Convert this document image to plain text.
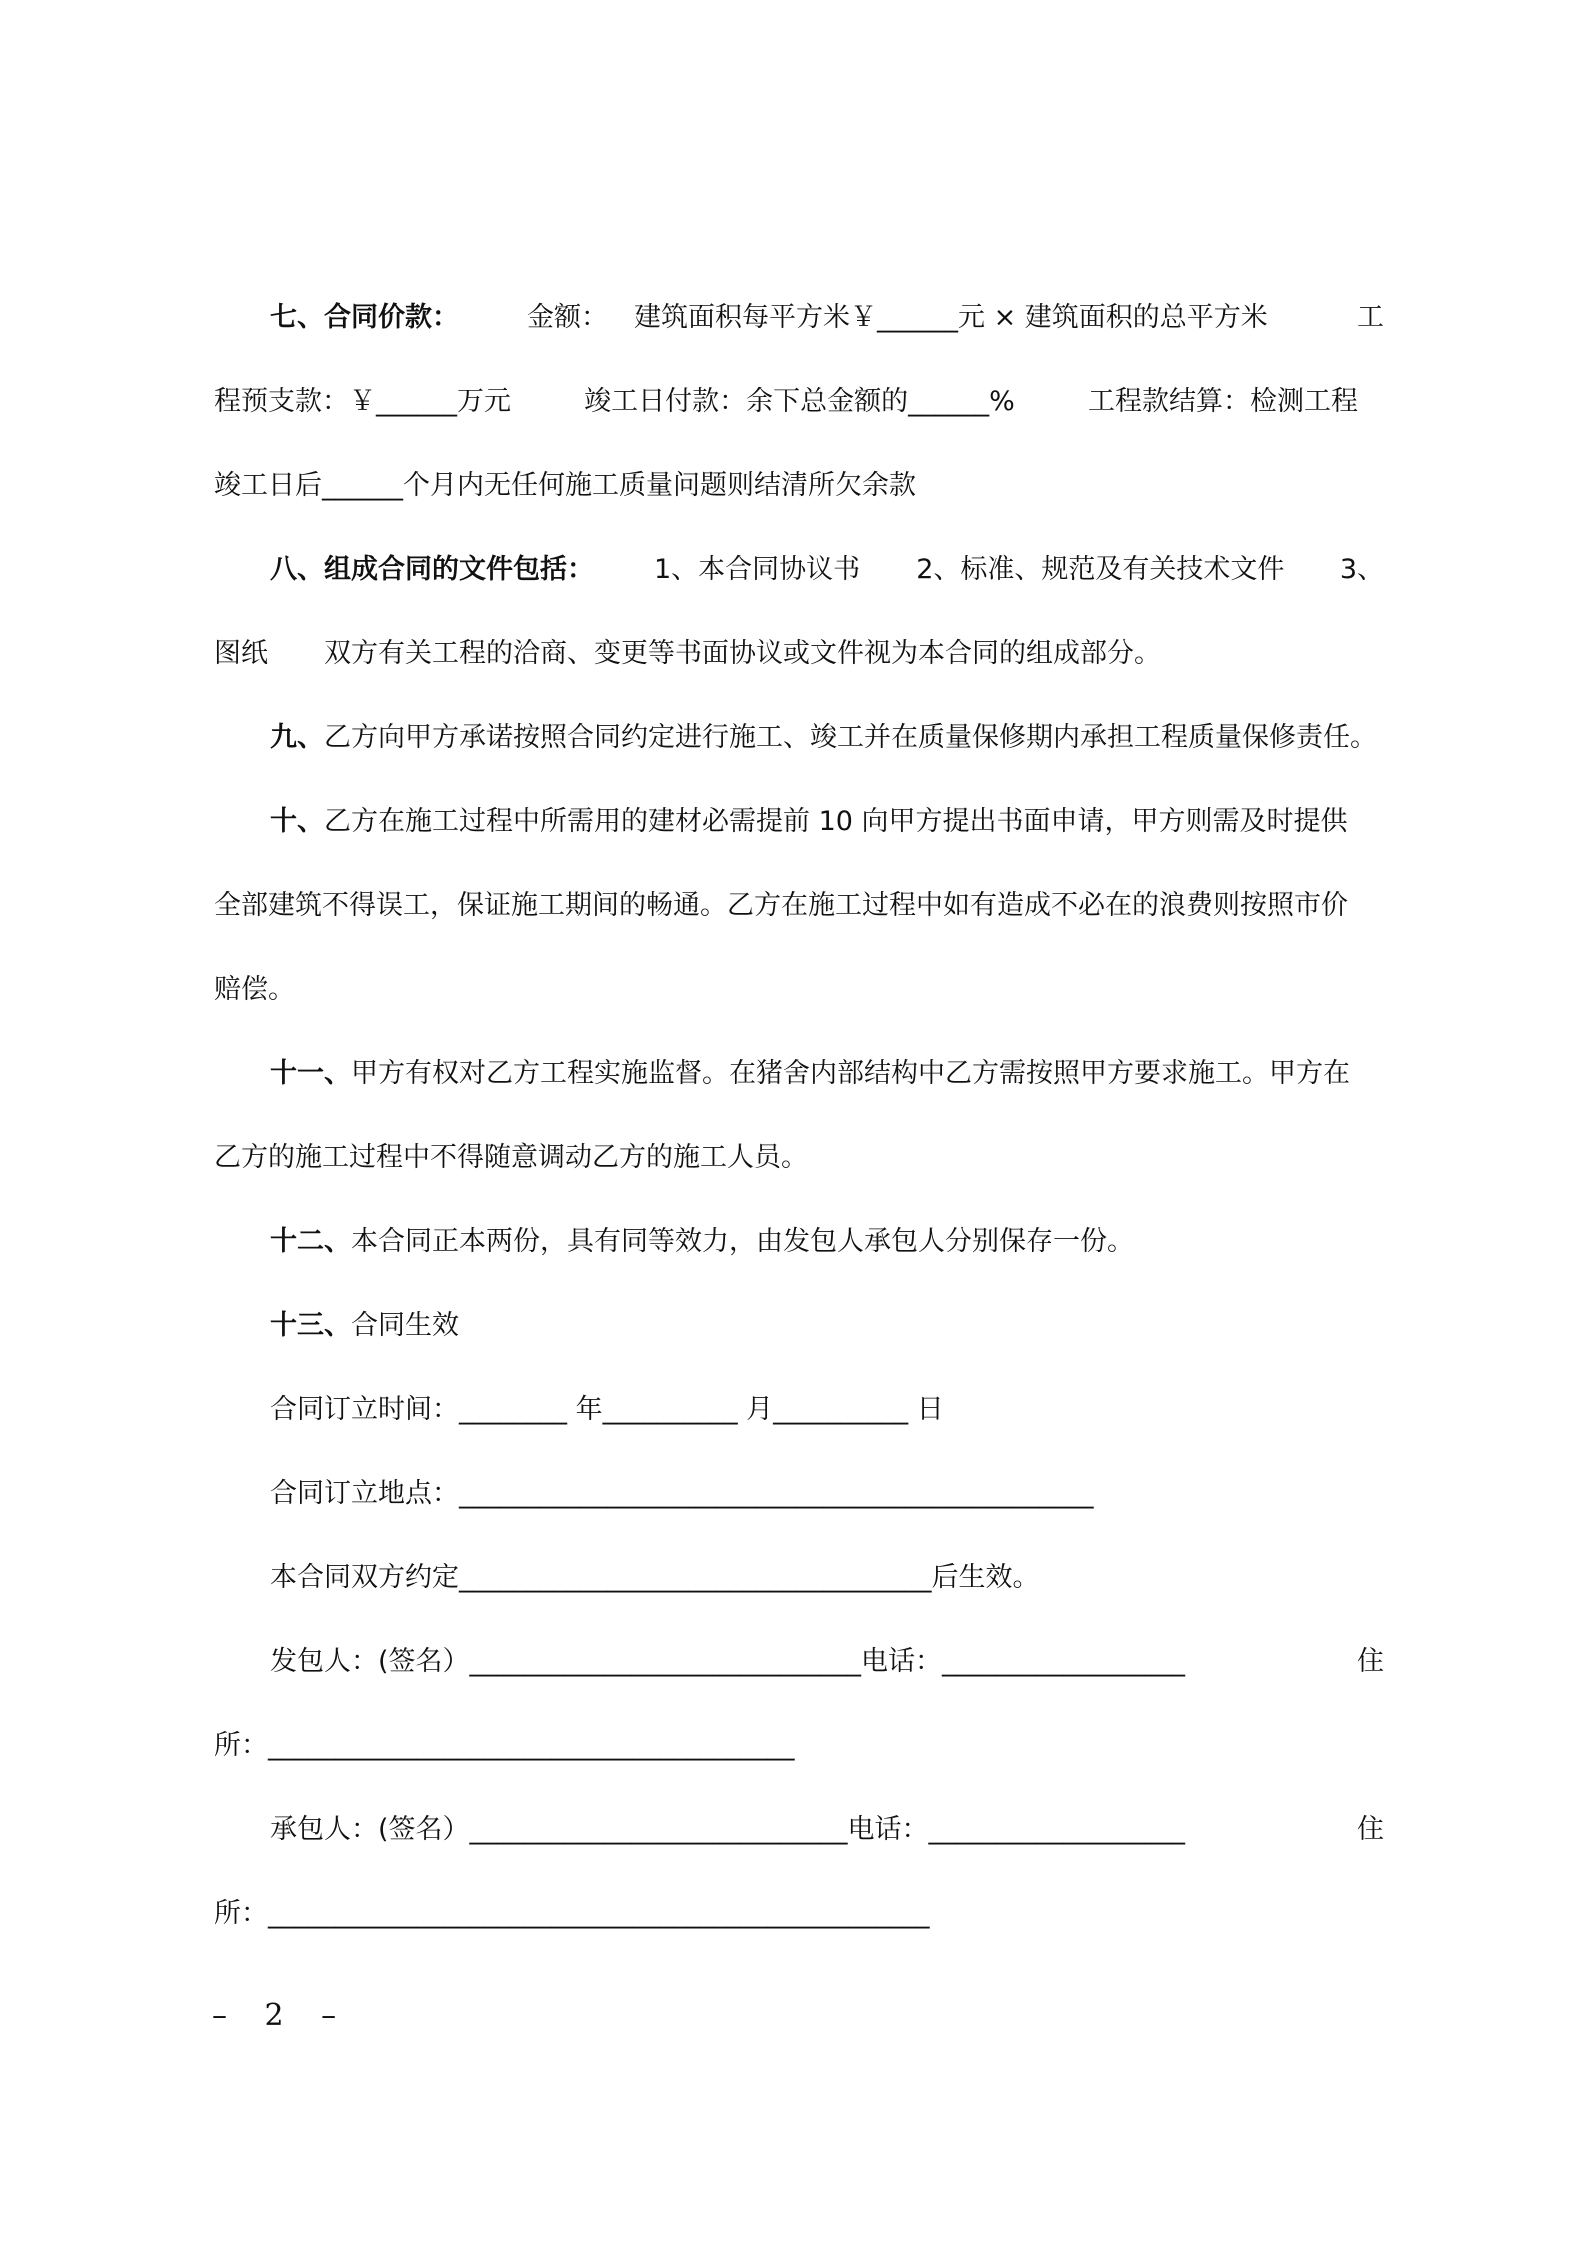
七、合同价款：	金额： 建筑面积每平方米￥______元 × 建筑面积的总平方米	工
程预支款：￥______万元	竣工日付款：余下总金额的______%	工程款结算：检测工程
竣工日后______个月内无任何施工质量问题则结清所欠余款
八、组成合同的文件包括： 1、本合同协议书 2、标准、规范及有关技术文件 3、
图纸 双方有关工程的洽商、变更等书面协议或文件视为本合同的组成部分。
九、乙方向甲方承诺按照合同约定进行施工、竣工并在质量保修期内承担工程质量保修责任。
十、乙方在施工过程中所需用的建材必需提前 10 向甲方提出书面申请，甲方则需及时提供
全部建筑不得误工，保证施工期间的畅通。乙方在施工过程中如有造成不必在的浪费则按照市价
赔偿。
十一、甲方有权对乙方工程实施监督。在猪舍内部结构中乙方需按照甲方要求施工。甲方在
乙方的施工过程中不得随意调动乙方的施工人员。
十二、本合同正本两份，具有同等效力，由发包人承包人分别保存一份。
十三、合同生效
合同订立时间：________ 年__________ 月__________ 日
合同订立地点：_______________________________________________
本合同双方约定___________________________________后生效。
发包人：(签名）_____________________________电话：__________________	住
所：_______________________________________
承包人：(签名）____________________________电话：___________________	住
所：_________________________________________________
– 2 –
